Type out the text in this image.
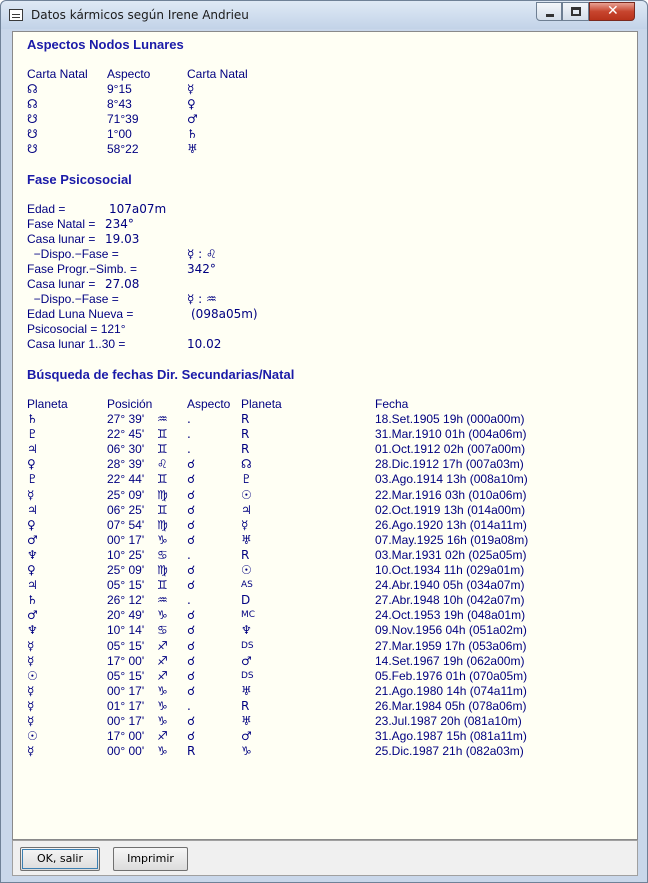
Datos kármicos según Irene Andrieu	✕
Aspectos Nodos Lunares
Carta Natal Aspecto	Carta Natal
☊	9°15	☿
☊	8°43	♀
☋	71°39	♂
☋	1°00	♄
☋	58°22	♅
Fase Psicosocial
Edad =	107a07m
Fase Natal = 234°
Casa lunar = 19.03
−Dispo.−Fase =	☿ : ♌
Fase Progr.−Simb. =	342°
Casa lunar = 27.08
−Dispo.−Fase =	☿ : ♒
Edad Luna Nueva =	(098a05m)
Psicosocial = 121°
Casa lunar 1..30 =	10.02
Búsqueda de fechas Dir. Secundarias/Natal
Planeta	Posición	Aspecto Planeta	Fecha
♄	27° 39' ♒ .	R	18.Set.1905 19h (000a00m)
♇	22° 45' ♊ .	R	31.Mar.1910 01h (004a06m)
♃	06° 30' ♊ .	R	01.Oct.1912 02h (007a00m)
♀	28° 39' ♌ ☌	☊	28.Dic.1912 17h (007a03m)
♇	22° 44' ♊ ☌	♇	03.Ago.1914 13h (008a10m)
☿	25° 09' ♍ ☌	☉	22.Mar.1916 03h (010a06m)
♃	06° 25' ♊ ☌	♃	02.Oct.1919 13h (014a00m)
♀	07° 54' ♍ ☌	☿	26.Ago.1920 13h (014a11m)
♂	00° 17' ♑ ☌	♅	07.May.1925 16h (019a08m)
♆	10° 25' ♋ .	R	03.Mar.1931 02h (025a05m)
♀	25° 09' ♍ ☌	☉	10.Oct.1934 11h (029a01m)
♃	05° 15' ♊ ☌	AS	24.Abr.1940 05h (034a07m)
♄	26° 12' ♒ .	D	27.Abr.1948 10h (042a07m)
♂	20° 49' ♑ ☌	MC	24.Oct.1953 19h (048a01m)
♆	10° 14' ♋ ☌	♆	09.Nov.1956 04h (051a02m)
☿	05° 15' ♐ ☌	DS	27.Mar.1959 17h (053a06m)
☿	17° 00' ♐ ☌	♂	14.Set.1967 19h (062a00m)
☉	05° 15' ♐ ☌	DS	05.Feb.1976 01h (070a05m)
☿	00° 17' ♑ ☌	♅	21.Ago.1980 14h (074a11m)
☿	01° 17' ♑ .	R	26.Mar.1984 05h (078a06m)
☿	00° 17' ♑ ☌	♅	23.Jul.1987 20h (081a10m)
☉	17° 00' ♐ ☌	♂	31.Ago.1987 15h (081a11m)
☿	00° 00' ♑ R	♑	25.Dic.1987 21h (082a03m)
OK, salir	Imprimir
